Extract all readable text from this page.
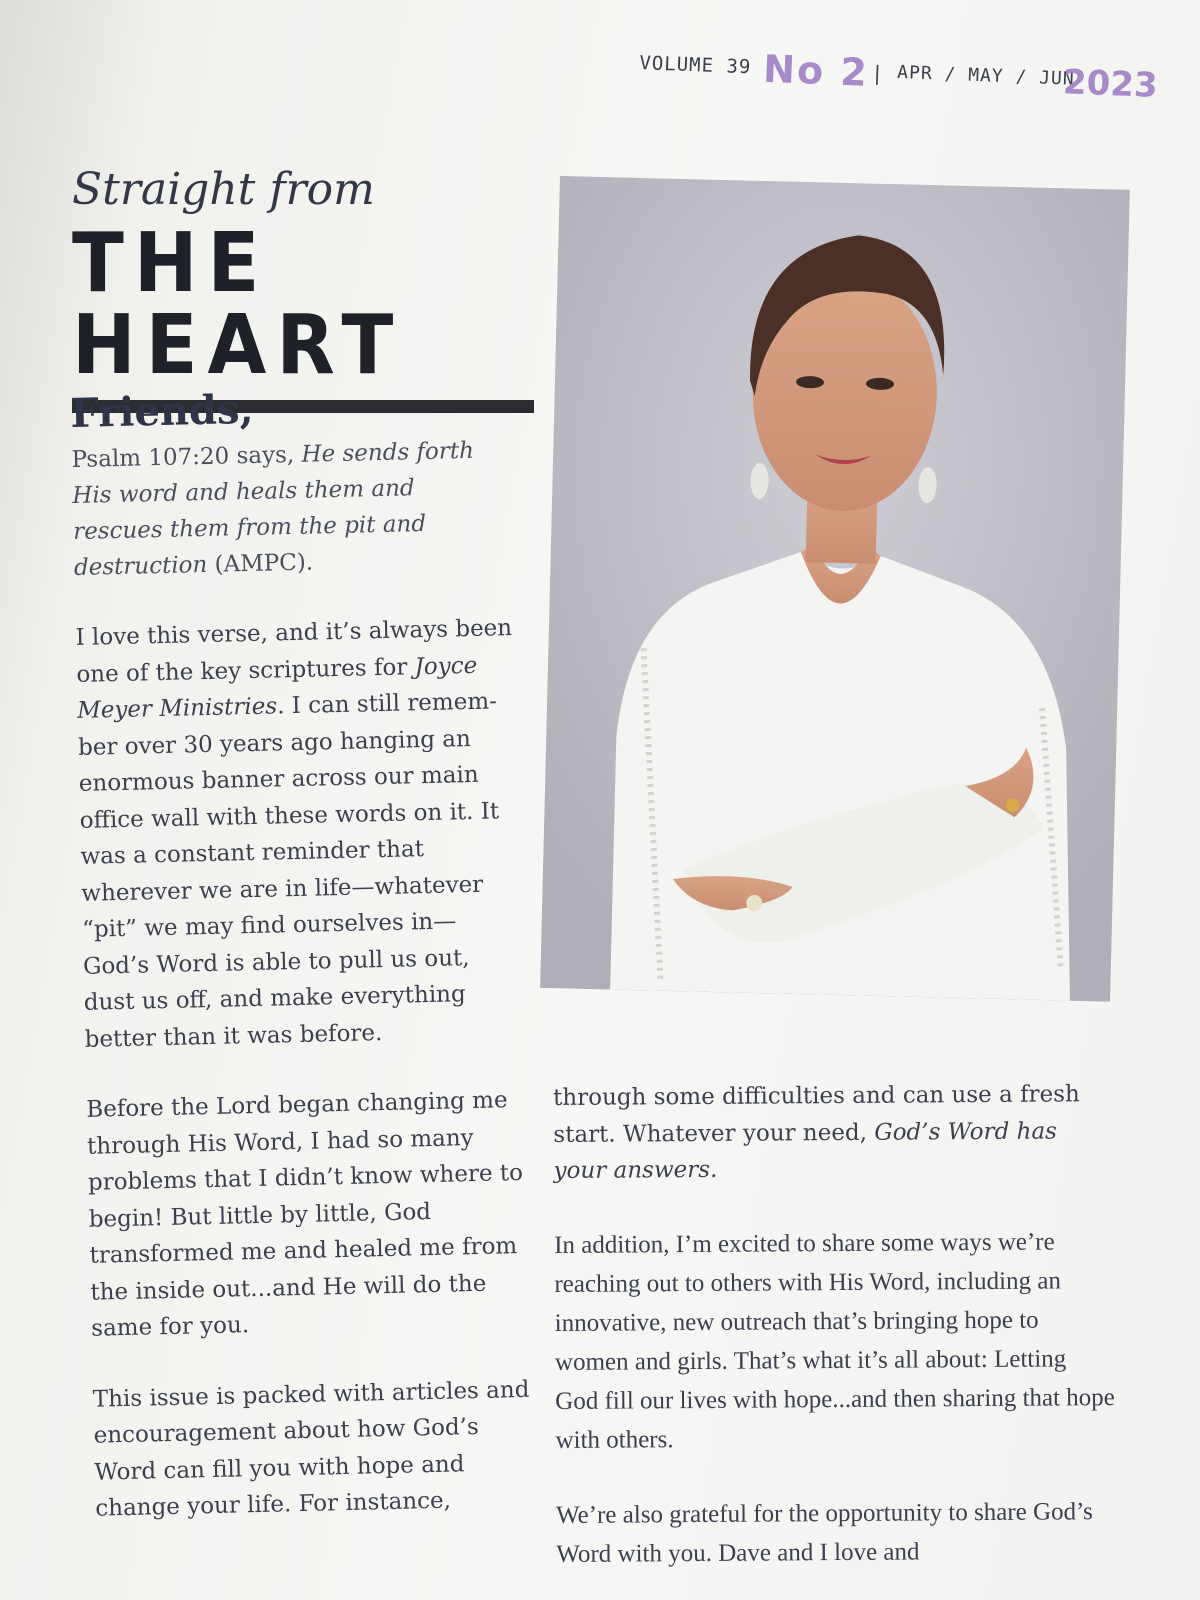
VOLUME 39 No 2 | APR / MAY / JUN
2023

Straight from

THE HEART
Friends,

Psalm 107:20 says, He sends forth His word and heals them and rescues them from the pit and destruction (AMPC).

I love this verse, and it’s always been one of the key scriptures for Joyce Meyer Ministries. I can still remember over 30 years ago hanging an enormous banner across our main office wall with these words on it. It was a constant reminder that wherever we are in life—whatever “pit” we may find ourselves in—God’s Word is able to pull us out, dust us off, and make everything better than it was before.

Before the Lord began changing me through His Word, I had so many problems that I didn’t know where to begin! But little by little, God transformed me and healed me from the inside out...and He will do the same for you.

This issue is packed with articles and encouragement about how God’s Word can fill you with hope and change your life. For instance,

through some difficulties and can use a fresh start. Whatever your need, God’s Word has your answers.

In addition, I’m excited to share some ways we’re reaching out to others with His Word, including an innovative, new outreach that’s bringing hope to women and girls. That’s what it’s all about: Letting God fill our lives with hope...and then sharing that hope with others.

We’re also grateful for the opportunity to share God’s Word with you. Dave and I love and
